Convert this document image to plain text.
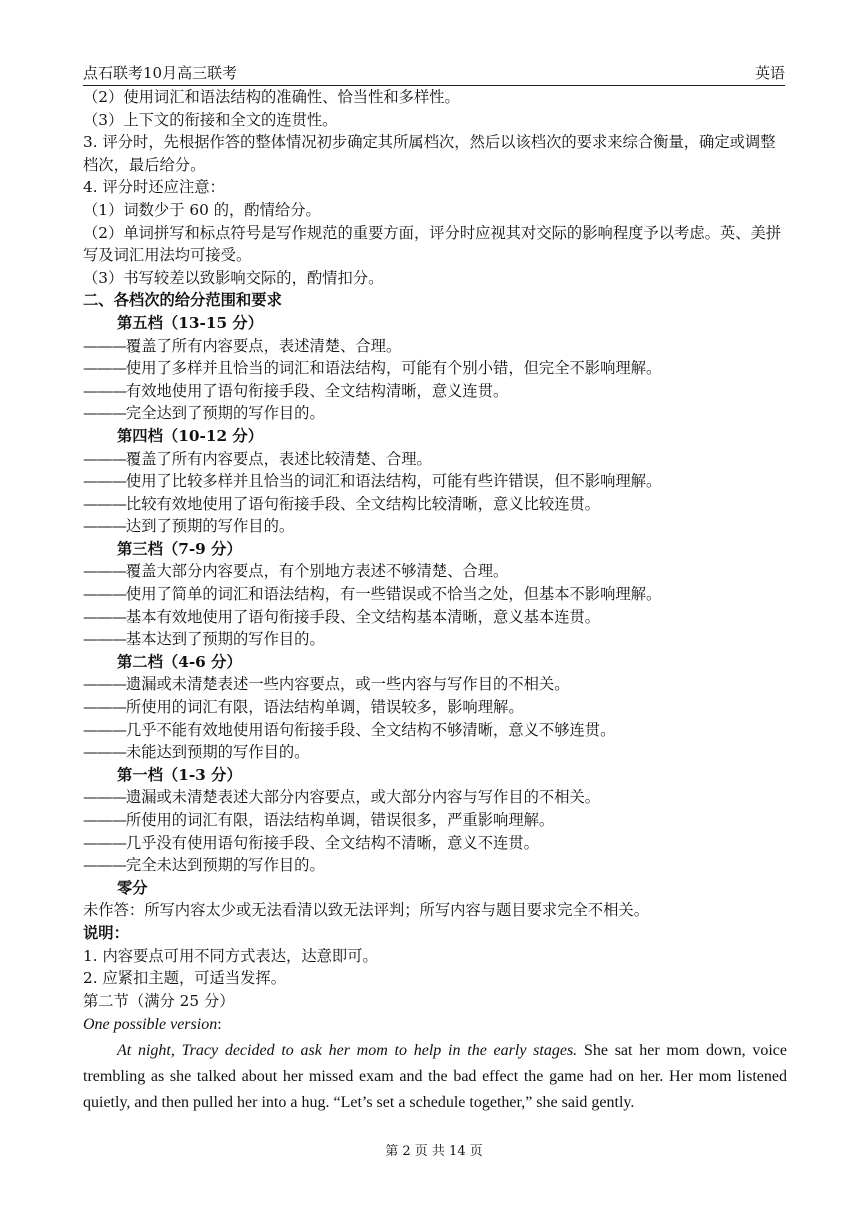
点石联考10月高三联考	英语
（2）使用词汇和语法结构的准确性、恰当性和多样性。
（3）上下文的衔接和全文的连贯性。
3. 评分时，先根据作答的整体情况初步确定其所属档次，然后以该档次的要求来综合衡量，确定或调整档次，最后给分。
4. 评分时还应注意：
（1）词数少于 60 的，酌情给分。
（2）单词拼写和标点符号是写作规范的重要方面，评分时应视其对交际的影响程度予以考虑。英、美拼写及词汇用法均可接受。
（3）书写较差以致影响交际的，酌情扣分。
二、各档次的给分范围和要求
第五档（13-15 分）
———覆盖了所有内容要点，表述清楚、合理。
———使用了多样并且恰当的词汇和语法结构，可能有个别小错，但完全不影响理解。
———有效地使用了语句衔接手段、全文结构清晰，意义连贯。
———完全达到了预期的写作目的。
第四档（10-12 分）
———覆盖了所有内容要点，表述比较清楚、合理。
———使用了比较多样并且恰当的词汇和语法结构，可能有些许错误，但不影响理解。
———比较有效地使用了语句衔接手段、全文结构比较清晰，意义比较连贯。
———达到了预期的写作目的。
第三档（7-9 分）
———覆盖大部分内容要点，有个别地方表述不够清楚、合理。
———使用了简单的词汇和语法结构，有一些错误或不恰当之处，但基本不影响理解。
———基本有效地使用了语句衔接手段、全文结构基本清晰，意义基本连贯。
———基本达到了预期的写作目的。
第二档（4-6 分）
———遗漏或未清楚表述一些内容要点，或一些内容与写作目的不相关。
———所使用的词汇有限，语法结构单调，错误较多，影响理解。
———几乎不能有效地使用语句衔接手段、全文结构不够清晰，意义不够连贯。
———未能达到预期的写作目的。
第一档（1-3 分）
———遗漏或未清楚表述大部分内容要点，或大部分内容与写作目的不相关。
———所使用的词汇有限，语法结构单调，错误很多，严重影响理解。
———几乎没有使用语句衔接手段、全文结构不清晰，意义不连贯。
———完全未达到预期的写作目的。
零分
未作答：所写内容太少或无法看清以致无法评判；所写内容与题目要求完全不相关。
说明：
1. 内容要点可用不同方式表达，达意即可。
2. 应紧扣主题，可适当发挥。
第二节（满分 25 分）
One possible version:
At night, Tracy decided to ask her mom to help in the early stages. She sat her mom down, voice trembling as she talked about her missed exam and the bad effect the game had on her. Her mom listened quietly, and then pulled her into a hug. “Let’s set a schedule together,” she said gently.
第 2 页 共 14 页
